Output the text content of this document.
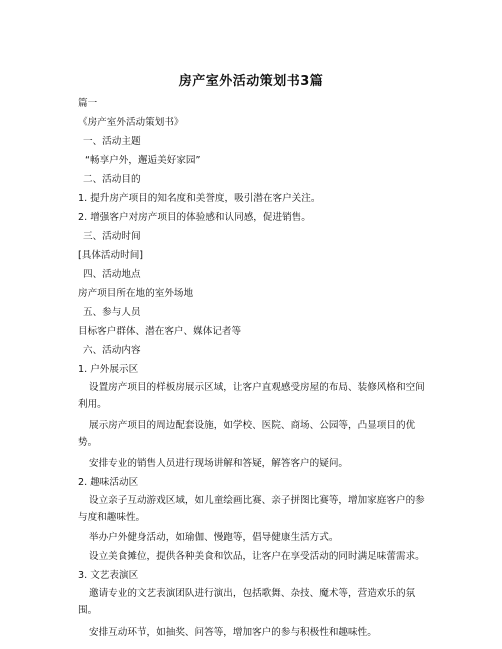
房产室外活动策划书3篇
篇一
《房产室外活动策划书》
一、活动主题
“畅享户外，邂逅美好家园”
二、活动目的
1. 提升房产项目的知名度和美誉度，吸引潜在客户关注。
2. 增强客户对房产项目的体验感和认同感，促进销售。
三、活动时间
[具体活动时间]
四、活动地点
房产项目所在地的室外场地
五、参与人员
目标客户群体、潜在客户、媒体记者等
六、活动内容
1. 户外展示区
设置房产项目的样板房展示区域，让客户直观感受房屋的布局、装修风格和空间利用。
展示房产项目的周边配套设施，如学校、医院、商场、公园等，凸显项目的优势。
安排专业的销售人员进行现场讲解和答疑，解答客户的疑问。
2. 趣味活动区
设立亲子互动游戏区域，如儿童绘画比赛、亲子拼图比赛等，增加家庭客户的参与度和趣味性。
举办户外健身活动，如瑜伽、慢跑等，倡导健康生活方式。
设立美食摊位，提供各种美食和饮品，让客户在享受活动的同时满足味蕾需求。
3. 文艺表演区
邀请专业的文艺表演团队进行演出，包括歌舞、杂技、魔术等，营造欢乐的氛围。
安排互动环节，如抽奖、问答等，增加客户的参与积极性和趣味性。
